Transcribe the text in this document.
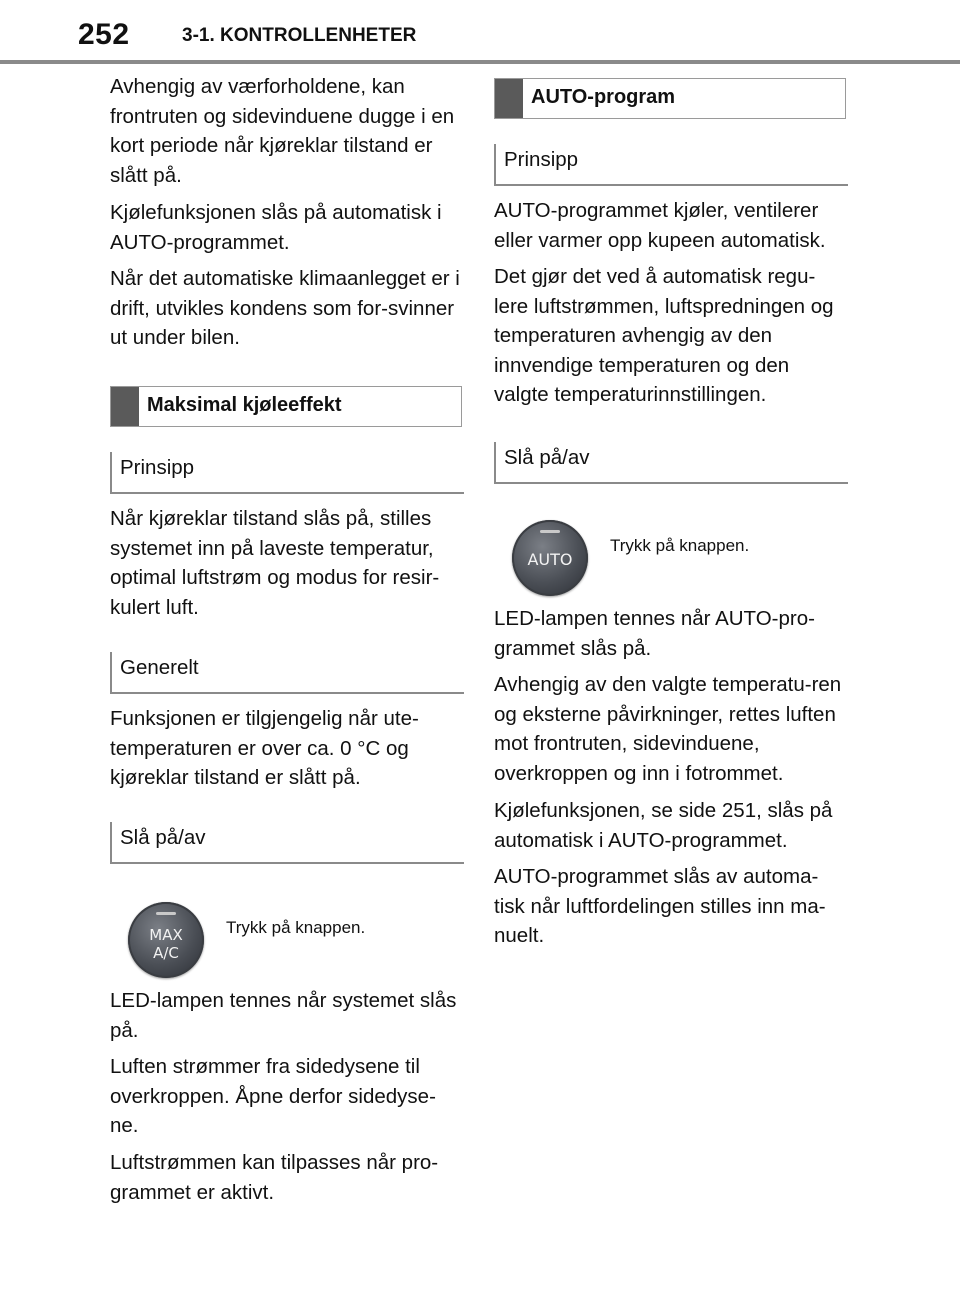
252	3-1. KONTROLLENHETER

Avhengig av værforholdene, kan frontruten og sidevinduene dugge i en kort periode når kjøreklar tilstand er slått på.

Kjølefunksjonen slås på automatisk i AUTO-programmet.

Når det automatiske klimaanlegget er i drift, utvikles kondens som for-svinner ut under bilen.

Maksimal kjøleeffekt
Prinsipp

Når kjøreklar tilstand slås på, stilles systemet inn på laveste temperatur, optimal luftstrøm og modus for resir-kulert luft.

Generelt

Funksjonen er tilgjengelig når ute-temperaturen er over ca. 0 °C og kjøreklar tilstand er slått på.

Slå på/av
MAX
A/C
Trykk på knappen.

LED-lampen tennes når systemet slås på.

Luften strømmer fra sidedysene til overkroppen. Åpne derfor sidedyse-ne.

Luftstrømmen kan tilpasses når pro-grammet er aktivt.

AUTO-program
Prinsipp

AUTO-programmet kjøler, ventilerer eller varmer opp kupeen automatisk.

Det gjør det ved å automatisk regu-lere luftstrømmen, luftspredningen og temperaturen avhengig av den innvendige temperaturen og den valgte temperaturinnstillingen.

Slå på/av
AUTO
Trykk på knappen.

LED-lampen tennes når AUTO-pro-grammet slås på.

Avhengig av den valgte temperatu-ren og eksterne påvirkninger, rettes luften mot frontruten, sidevinduene, overkroppen og inn i fotrommet.

Kjølefunksjonen, se side 251, slås på automatisk i AUTO-programmet.

AUTO-programmet slås av automa-tisk når luftfordelingen stilles inn ma-nuelt.
